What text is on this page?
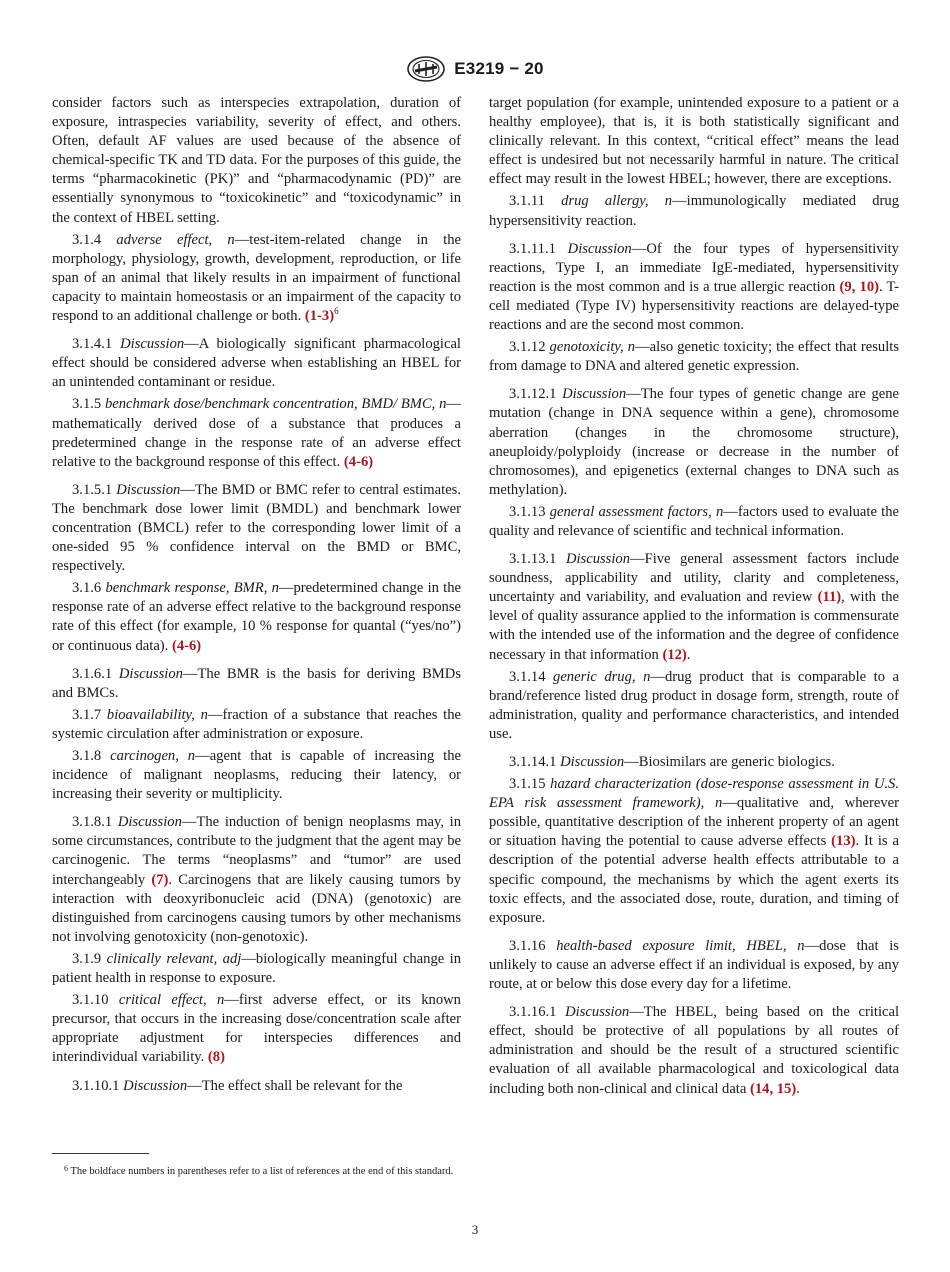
E3219 − 20

consider factors such as interspecies extrapolation, duration of exposure, intraspecies variability, severity of effect, and others. Often, default AF values are used because of the absence of chemical-specific TK and TD data. For the purposes of this guide, the terms “pharmacokinetic (PK)” and “pharmacodynamic (PD)” are essentially synonymous to “toxicokinetic” and “toxicodynamic” in the context of HBEL setting.

3.1.4 adverse effect, n—test-item-related change in the morphology, physiology, growth, development, reproduction, or life span of an animal that likely results in an impairment of functional capacity to maintain homeostasis or an impairment of the capacity to respond to an additional challenge or both. (1-3)$^6$

3.1.4.1 Discussion—A biologically significant pharmacological effect should be considered adverse when establishing an HBEL for an unintended contaminant or residue.

3.1.5 benchmark dose/benchmark concentration, BMD/ BMC, n—mathematically derived dose of a substance that produces a predetermined change in the response rate of an adverse effect relative to the background response of this effect. (4-6)

3.1.5.1 Discussion—The BMD or BMC refer to central estimates. The benchmark dose lower limit (BMDL) and benchmark lower concentration (BMCL) refer to the corresponding lower limit of a one-sided 95 % confidence interval on the BMD or BMC, respectively.

3.1.6 benchmark response, BMR, n—predetermined change in the response rate of an adverse effect relative to the background response rate of this effect (for example, 10 % response for quantal (“yes/no”) or continuous data). (4-6)

3.1.6.1 Discussion—The BMR is the basis for deriving BMDs and BMCs.

3.1.7 bioavailability, n—fraction of a substance that reaches the systemic circulation after administration or exposure.

3.1.8 carcinogen, n—agent that is capable of increasing the incidence of malignant neoplasms, reducing their latency, or increasing their severity or multiplicity.

3.1.8.1 Discussion—The induction of benign neoplasms may, in some circumstances, contribute to the judgment that the agent may be carcinogenic. The terms “neoplasms” and “tumor” are used interchangeably (7). Carcinogens that are likely causing tumors by interaction with deoxyribonucleic acid (DNA) (genotoxic) are distinguished from carcinogens causing tumors by other mechanisms not involving genotoxicity (non-genotoxic).

3.1.9 clinically relevant, adj—biologically meaningful change in patient health in response to exposure.

3.1.10 critical effect, n—first adverse effect, or its known precursor, that occurs in the increasing dose/concentration scale after appropriate adjustment for interspecies differences and interindividual variability. (8)

3.1.10.1 Discussion—The effect shall be relevant for the

target population (for example, unintended exposure to a patient or a healthy employee), that is, it is both statistically significant and clinically relevant. In this context, “critical effect” means the lead effect is undesired but not necessarily harmful in nature. The critical effect may result in the lowest HBEL; however, there are exceptions.

3.1.11 drug allergy, n—immunologically mediated drug hypersensitivity reaction.

3.1.11.1 Discussion—Of the four types of hypersensitivity reactions, Type I, an immediate IgE-mediated, hypersensitivity reaction is the most common and is a true allergic reaction (9, 10). T-cell mediated (Type IV) hypersensitivity reactions are delayed-type reactions and are the second most common.

3.1.12 genotoxicity, n—also genetic toxicity; the effect that results from damage to DNA and altered genetic expression.

3.1.12.1 Discussion—The four types of genetic change are gene mutation (change in DNA sequence within a gene), chromosome aberration (changes in the chromosome structure), aneuploidy/polyploidy (increase or decrease in the number of chromosomes), and epigenetics (external changes to DNA such as methylation).

3.1.13 general assessment factors, n—factors used to evaluate the quality and relevance of scientific and technical information.

3.1.13.1 Discussion—Five general assessment factors include soundness, applicability and utility, clarity and completeness, uncertainty and variability, and evaluation and review (11), with the level of quality assurance applied to the information is commensurate with the intended use of the information and the degree of confidence necessary in that information (12).

3.1.14 generic drug, n—drug product that is comparable to a brand/reference listed drug product in dosage form, strength, route of administration, quality and performance characteristics, and intended use.

3.1.14.1 Discussion—Biosimilars are generic biologics.

3.1.15 hazard characterization (dose-response assessment in U.S. EPA risk assessment framework), n—qualitative and, wherever possible, quantitative description of the inherent property of an agent or situation having the potential to cause adverse effects (13). It is a description of the potential adverse health effects attributable to a specific compound, the mechanisms by which the agent exerts its toxic effects, and the associated dose, route, duration, and timing of exposure.

3.1.16 health-based exposure limit, HBEL, n—dose that is unlikely to cause an adverse effect if an individual is exposed, by any route, at or below this dose every day for a lifetime.

3.1.16.1 Discussion—The HBEL, being based on the critical effect, should be protective of all populations by all routes of administration and should be the result of a structured scientific evaluation of all available pharmacological and toxicological data including both non-clinical and clinical data (14, 15).

$^6$ The boldface numbers in parentheses refer to a list of references at the end of this standard.
3
